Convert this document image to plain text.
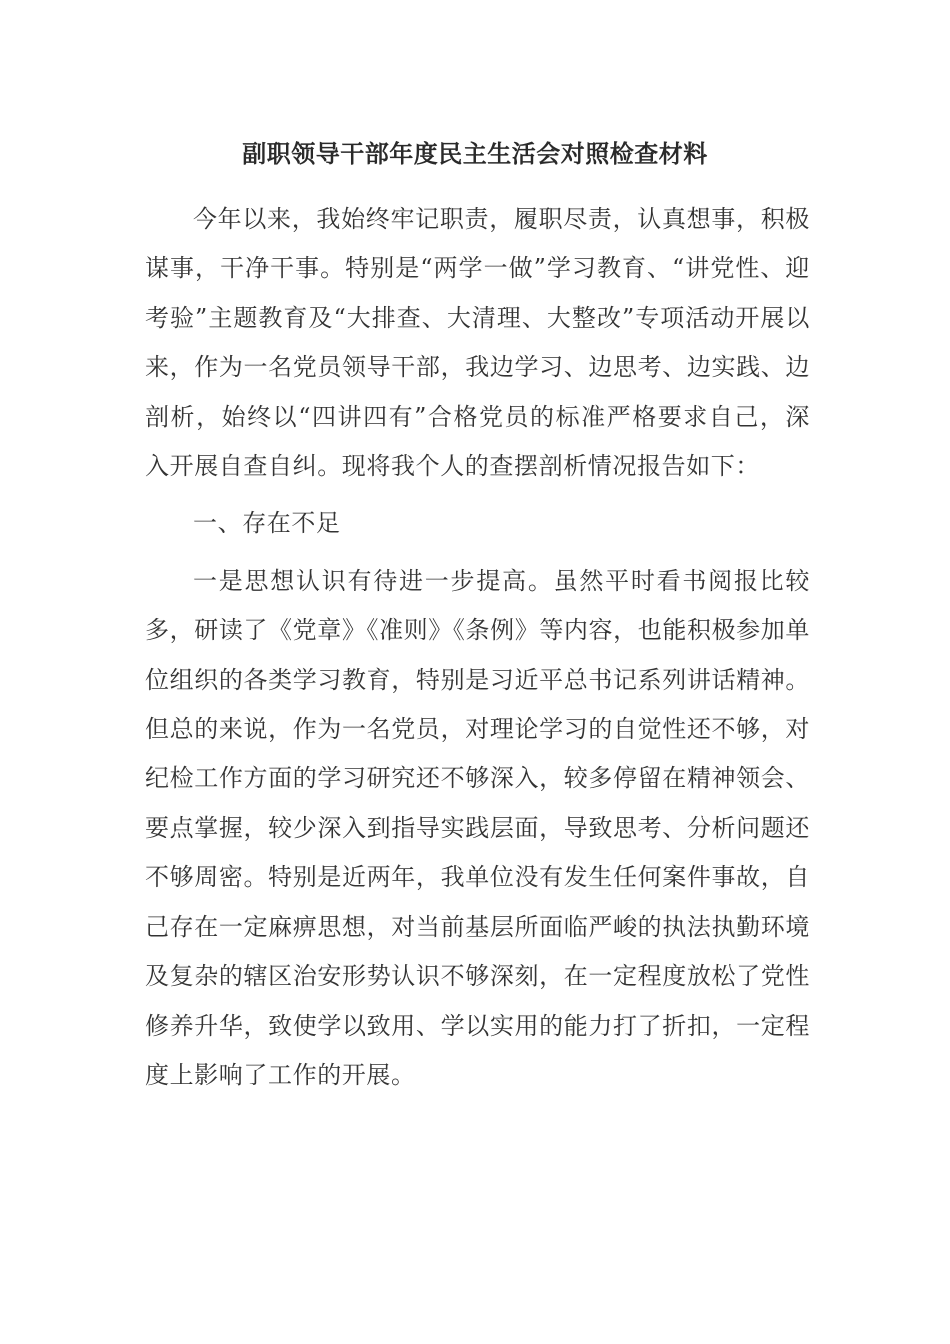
副职领导干部年度民主生活会对照检查材料

今年以来，我始终牢记职责，履职尽责，认真想事，积极谋事，干净干事。特别是“两学一做”学习教育、“讲党性、迎考验”主题教育及“大排查、大清理、大整改”专项活动开展以来，作为一名党员领导干部，我边学习、边思考、边实践、边剖析，始终以“四讲四有”合格党员的标准严格要求自己，深入开展自查自纠。现将我个人的查摆剖析情况报告如下：

一、存在不足

一是思想认识有待进一步提高。虽然平时看书阅报比较多，研读了《党章》《准则》《条例》等内容，也能积极参加单位组织的各类学习教育，特别是习近平总书记系列讲话精神。但总的来说，作为一名党员，对理论学习的自觉性还不够，对纪检工作方面的学习研究还不够深入，较多停留在精神领会、要点掌握，较少深入到指导实践层面，导致思考、分析问题还不够周密。特别是近两年，我单位没有发生任何案件事故，自己存在一定麻痹思想，对当前基层所面临严峻的执法执勤环境及复杂的辖区治安形势认识不够深刻，在一定程度放松了党性修养升华，致使学以致用、学以实用的能力打了折扣，一定程度上影响了工作的开展。
